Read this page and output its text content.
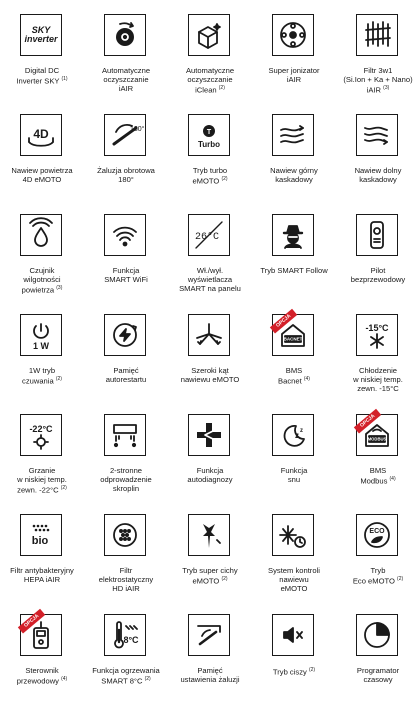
SKY
inverter
Digital DC
Inverter SKY $^{(1)}$
Automatyczne
oczyszczanie
iAIR
Automatyczne
oczyszczanie
iClean $^{(2)}$
Super jonizator
iAIR
Filtr 3w1
(Si.Ion + Ka + Nano)
iAIR $^{(3)}$
4D
Nawiew powietrza
4D eMOTO
180°
Żaluzja obrotowa
180°
T
Turbo
Tryb turbo
eMOTO $^{(2)}$
Nawiew górny
kaskadowy
Nawiew dolny
kaskadowy
Czujnik
wilgotności
powietrza $^{(3)}$
Funkcja
SMART WiFi
26°C
Wł./wył.
wyświetlacza
SMART na panelu
Tryb SMART Follow	Pilot
bezprzewodowy
1 W
1W tryb
czuwania $^{(2)}$
Pamięć
autorestartu
Szeroki kąt
nawiewu eMOTO
BACNET
OPCJA
BMS
Bacnet $^{(4)}$
-15°C
Chłodzenie
w niskiej temp.
zewn. -15°C
-22°C
Grzanie
w niskiej temp.
zewn. -22°C $^{(2)}$
2-stronne
odprowadzenie
skroplin
Funkcja
autodiagnozy
z z
Funkcja
snu
MODBUS
OPCJA
BMS
Modbus $^{(4)}$
bio
Filtr antybakteryjny
HEPA iAIR
Filtr
elektrostatyczny
HD iAIR
Tryb super cichy
eMOTO $^{(2)}$
System kontroli
nawiewu
eMOTO
ECO
Tryb
Eco eMOTO $^{(2)}$
OPCJA
Sterownik
przewodowy $^{(4)}$
8°C
Funkcja ogrzewania
SMART 8°C $^{(2)}$
Pamięć
ustawienia żaluzji
Tryb ciszy $^{(2)}$	Programator
czasowy
